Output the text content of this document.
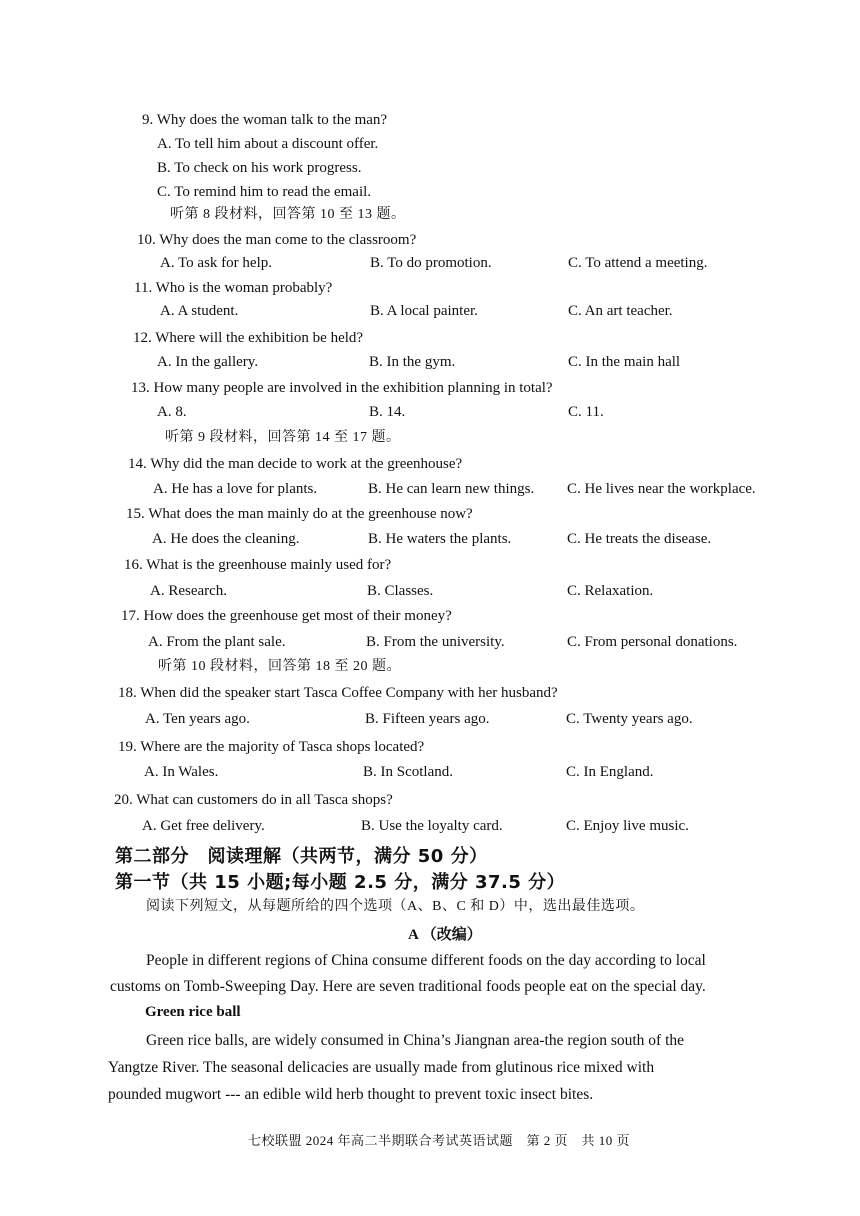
9. Why does the woman talk to the man?
A. To tell him about a discount offer.
B. To check on his work progress.
C. To remind him to read the email.
听第 8 段材料，回答第 10 至 13 题。
10. Why does the man come to the classroom?
A. To ask for help.	B. To do promotion.	C. To attend a meeting.
11. Who is the woman probably?
A. A student.	B. A local painter.	C. An art teacher.
12. Where will the exhibition be held?
A. In the gallery.	B. In the gym.	C. In the main hall
13. How many people are involved in the exhibition planning in total?
A. 8.	B. 14.	C. 11.
听第 9 段材料，回答第 14 至 17 题。
14. Why did the man decide to work at the greenhouse?
A. He has a love for plants.	B. He can learn new things. C. He lives near the workplace.
15. What does the man mainly do at the greenhouse now?
A. He does the cleaning.	B. He waters the plants.	C. He treats the disease.
16. What is the greenhouse mainly used for?
A. Research.	B. Classes.	C. Relaxation.
17. How does the greenhouse get most of their money?
A. From the plant sale.	B. From the university.	C. From personal donations.
听第 10 段材料，回答第 18 至 20 题。
18. When did the speaker start Tasca Coffee Company with her husband?
A. Ten years ago.	B. Fifteen years ago.	C. Twenty years ago.
19. Where are the majority of Tasca shops located?
A. In Wales.	B. In Scotland.	C. In England.
20. What can customers do in all Tasca shops?
A. Get free delivery.	B. Use the loyalty card.	C. Enjoy live music.
第二部分　阅读理解（共两节，满分 50 分）
第一节（共 15 小题;每小题 2.5 分，满分 37.5 分）
阅读下列短文，从每题所给的四个选项（A、B、C 和 D）中，选出最佳选项。
A （改编）
People in different regions of China consume different foods on the day according to local
customs on Tomb-Sweeping Day. Here are seven traditional foods people eat on the special day.
Green rice ball
Green rice balls, are widely consumed in China’s Jiangnan area-the region south of the
Yangtze River. The seasonal delicacies are usually made from glutinous rice mixed with
pounded mugwort --- an edible wild herb thought to prevent toxic insect bites.
七校联盟 2024 年高二半期联合考试英语试题　第 2 页　共 10 页
